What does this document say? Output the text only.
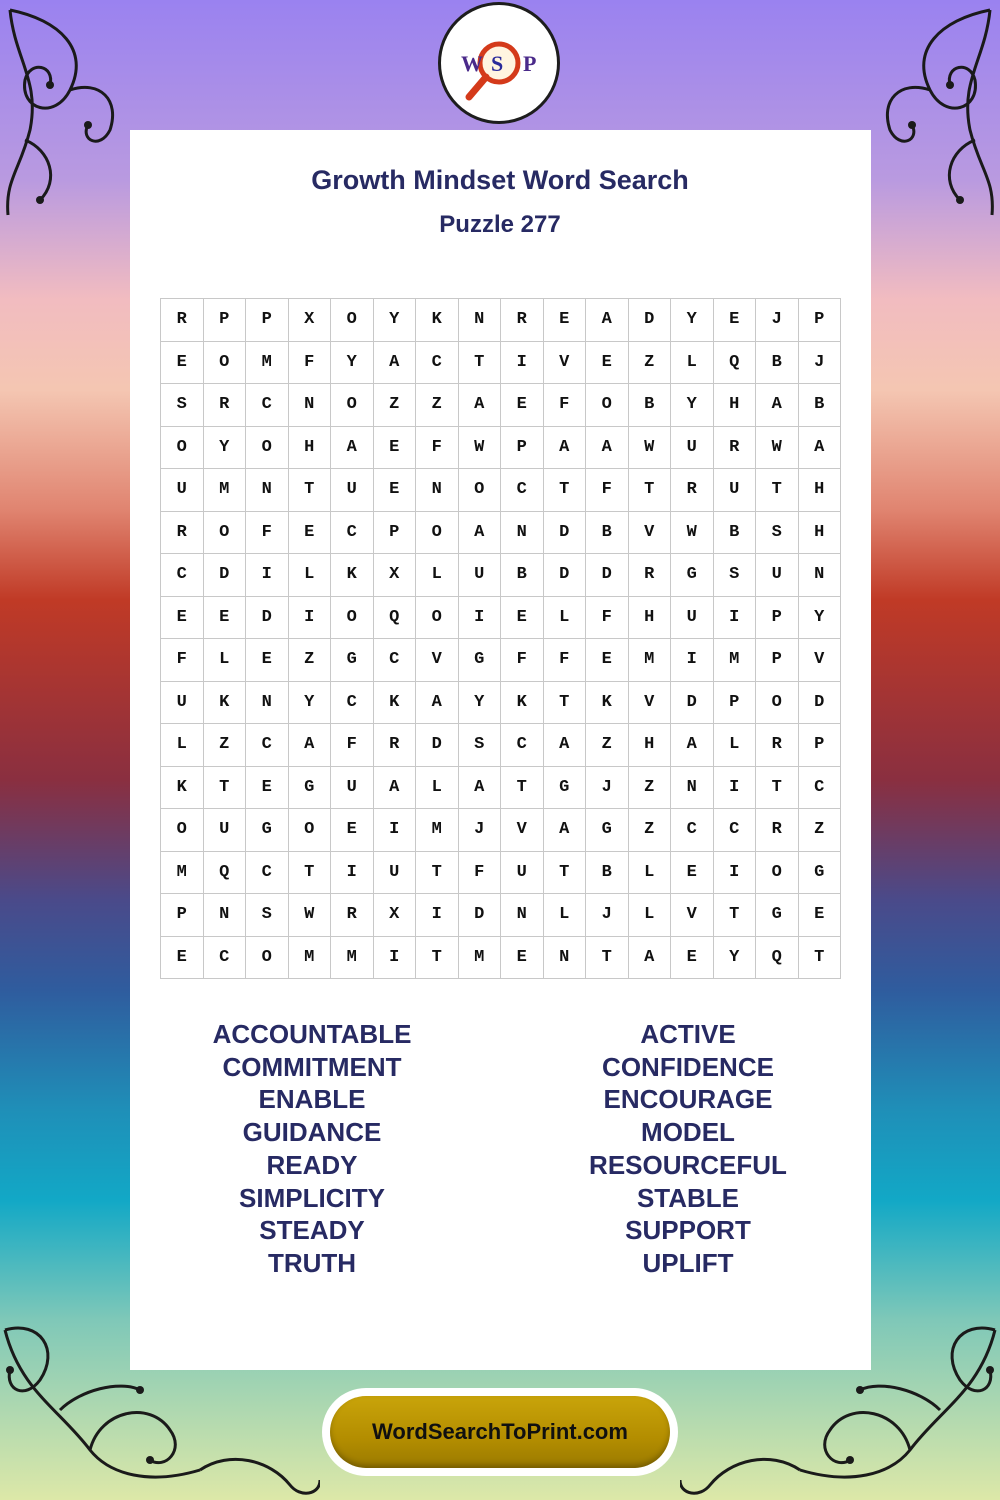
W S P
Growth Mindset Word Search
Puzzle 277
R	P	P	X	O	Y	K	N	R	E	A	D	Y	E	J	P
E	O	M	F	Y	A	C	T	I	V	E	Z	L	Q	B	J
S	R	C	N	O	Z	Z	A	E	F	O	B	Y	H	A	B
O	Y	O	H	A	E	F	W	P	A	A	W	U	R	W	A
U	M	N	T	U	E	N	O	C	T	F	T	R	U	T	H
R	O	F	E	C	P	O	A	N	D	B	V	W	B	S	H
C	D	I	L	K	X	L	U	B	D	D	R	G	S	U	N
E	E	D	I	O	Q	O	I	E	L	F	H	U	I	P	Y
F	L	E	Z	G	C	V	G	F	F	E	M	I	M	P	V
U	K	N	Y	C	K	A	Y	K	T	K	V	D	P	O	D
L	Z	C	A	F	R	D	S	C	A	Z	H	A	L	R	P
K	T	E	G	U	A	L	A	T	G	J	Z	N	I	T	C
O	U	G	O	E	I	M	J	V	A	G	Z	C	C	R	Z
M	Q	C	T	I	U	T	F	U	T	B	L	E	I	O	G
P	N	S	W	R	X	I	D	N	L	J	L	V	T	G	E
E	C	O	M	M	I	T	M	E	N	T	A	E	Y	Q	T
ACCOUNTABLE
COMMITMENT
ENABLE
GUIDANCE
READY
SIMPLICITY
STEADY
TRUTH
ACTIVE
CONFIDENCE
ENCOURAGE
MODEL
RESOURCEFUL
STABLE
SUPPORT
UPLIFT
WordSearchToPrint.com
